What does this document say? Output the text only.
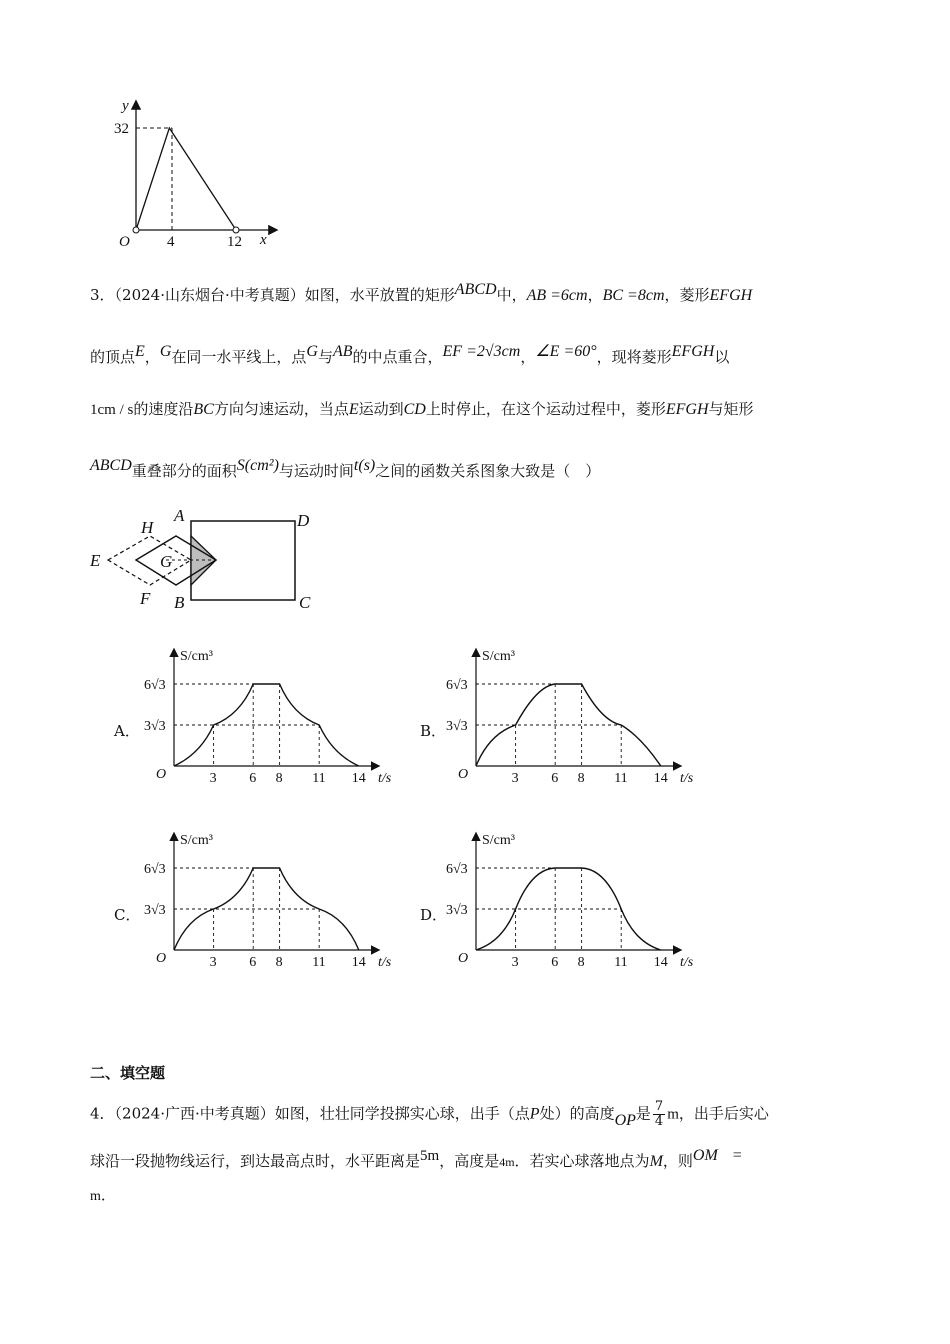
y
x
O
32
4	12
3．（2024·山东烟台·中考真题）如图，水平放置的矩形ABCD中，AB =6cm，BC =8cm，菱形EFGH
的顶点E，G在同一水平线上，点G与AB的中点重合，EF =2√3cm，∠E =60°，现将菱形EFGH以
1cm / s的速度沿BC方向匀速运动，当点E运动到CD上时停止，在这个运动过程中，菱形EFGH与矩形
ABCD重叠部分的面积S(cm²)与运动时间t(s)之间的函数关系图象大致是（　）
A
B	C
D
E
F
G
H
A．	B．
C．	D．
S/cm³
t/s
O
6√3
3√3
3 6 8 11 14
S/cm³
t/s
O
6√3
3√3
3 6 8 11 14
S/cm³
t/s
O
6√3
3√3
3 6 8 11 14
S/cm³
t/s
O
6√3
3√3
3 6 8 11 14
二、填空题
4．（2024·广西·中考真题）如图，壮壮同学投掷实心球，出手（点P处）的高度OP是 $\frac{7}{4}$ m，出手后实心
球沿一段抛物线运行，到达最高点时，水平距离是5m，高度是4m．若实心球落地点为M，则OM =
m．
